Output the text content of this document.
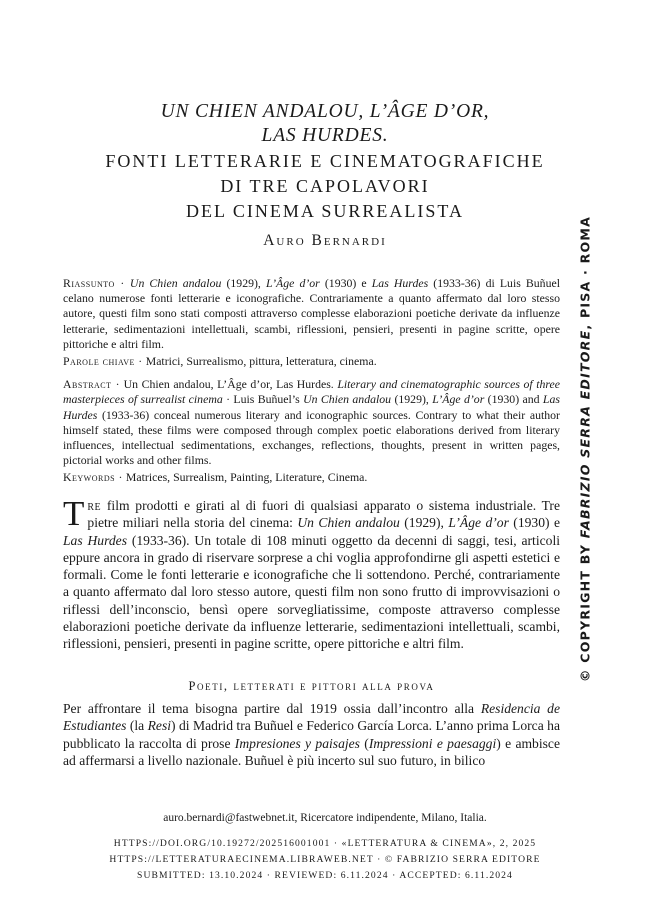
UN CHIEN ANDALOU, L’ÂGE D’OR,
LAS HURDES.
FONTI LETTERARIE E CINEMATOGRAFICHE
DI TRE CAPOLAVORI
DEL CINEMA SURREALISTA
Auro Bernardi

Riassunto · Un Chien andalou (1929), L’Âge d’or (1930) e Las Hurdes (1933-36) di Luis Buñuel celano numerose fonti letterarie e iconografiche. Contrariamente a quanto affermato dal loro stesso autore, questi film sono stati composti attraverso complesse elaborazioni poetiche derivate da influenze letterarie, sedimentazioni intellettuali, scambi, riflessioni, pensieri, presenti in pagine scritte, opere pittoriche e altri film.

Parole chiave · Matrici, Surrealismo, pittura, letteratura, cinema.

Abstract · Un Chien andalou, L’Âge d’or, Las Hurdes. Literary and cinematographic sources of three masterpieces of surrealist cinema · Luis Buñuel’s Un Chien andalou (1929), L’Âge d’or (1930) and Las Hurdes (1933-36) conceal numerous literary and iconographic sources. Contrary to what their author himself stated, these films were composed through complex poetic elaborations derived from literary influences, intellectual sedimentations, exchanges, reflections, thoughts, present in written pages, pictorial works and other films.

Keywords · Matrices, Surrealism, Painting, Literature, Cinema.

Tre film prodotti e girati al di fuori di qualsiasi apparato o sistema industriale. Tre pietre miliari nella storia del cinema: Un Chien andalou (1929), L’Âge d’or (1930) e Las Hurdes (1933-36). Un totale di 108 minuti oggetto da decenni di saggi, tesi, articoli eppure ancora in grado di riservare sorprese a chi voglia approfondirne gli aspetti estetici e formali. Come le fonti letterarie e iconografiche che li sottendono. Perché, contrariamente a quanto affermato dal loro stesso autore, questi film non sono frutto di improvvisazioni o riflessi dell’inconscio, bensì opere sorvegliatissime, composte attraverso complesse elaborazioni poetiche derivate da influenze letterarie, sedimentazioni intellettuali, scambi, riflessioni, pensieri, presenti in pagine scritte, opere pittoriche e altri film.
Poeti, letterati e pittori alla prova
Per affrontare il tema bisogna partire dal 1919 ossia dall’incontro alla Residencia de Estudiantes (la Resi) di Madrid tra Buñuel e Federico García Lorca. L’anno prima Lorca ha pubblicato la raccolta di prose Impresiones y paisajes (Impressioni e paesaggi) e ambisce ad affermarsi a livello nazionale. Buñuel è più incerto sul suo futuro, in bilico
auro.bernardi@fastwebnet.it, Ricercatore indipendente, Milano, Italia.
HTTPS://DOI.ORG/10.19272/202516001001 · «LETTERATURA & CINEMA», 2, 2025
HTTPS://LETTERATURAECINEMA.LIBRAWEB.NET · © FABRIZIO SERRA EDITORE
SUBMITTED: 13.10.2024 · REVIEWED: 6.11.2024 · ACCEPTED: 6.11.2024
© COPYRIGHT BY FABRIZIO SERRA EDITORE, PISA · ROMA
